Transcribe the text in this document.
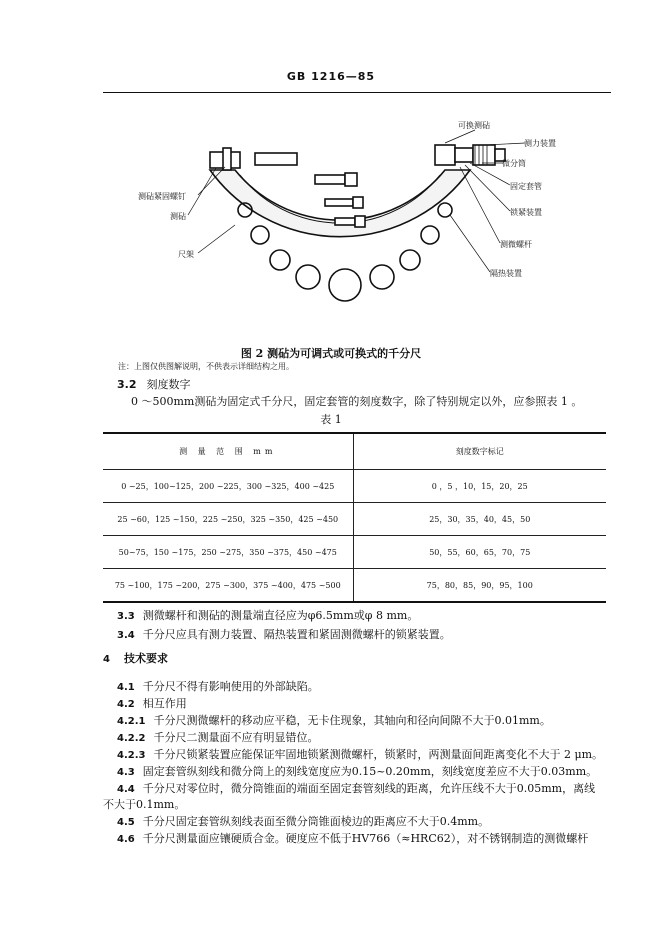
GB 1216—85
可换测砧
测力装置
微分筒
固定套管
锁紧装置
测微螺杆
隔热装置
测砧紧固螺钉
测砧
尺架
图 2 测砧为可调式或可换式的千分尺
注：上图仅供图解说明，不供表示详细结构之用。
3.2 刻度数字
0 ～500mm测砧为固定式千分尺，固定套管的刻度数字，除了特别规定以外，应参照表 1 。
表 1
测 量 范 围 mm	刻度数字标记
0 ~25，100~125，200 ~225，300 ~325，400 ~425	0 ，5 ，10，15，20，25
25 ~60，125 ~150，225 ~250，325 ~350，425 ~450	25，30，35，40，45，50
50~75，150 ~175，250 ~275，350 ~375，450 ~475	50，55，60，65，70，75
75 ~100，175 ~200，275 ~300，375 ~400，475 ~500	75，80，85，90，95，100
3.3 测微螺杆和测砧的测量端直径应为φ6.5mm或φ 8 mm。
3.4 千分尺应具有测力装置、隔热装置和紧固测微螺杆的锁紧装置。
4 技术要求
4.1 千分尺不得有影响使用的外部缺陷。
4.2 相互作用
4.2.1 千分尺测微螺杆的移动应平稳，无卡住现象，其轴向和径向间隙不大于0.01mm。
4.2.2 千分尺二测量面不应有明显错位。
4.2.3 千分尺锁紧装置应能保证牢固地锁紧测微螺杆，锁紧时，两测量面间距离变化不大于 2 μm。
4.3 固定套管纵刻线和微分筒上的刻线宽度应为0.15~0.20mm，刻线宽度差应不大于0.03mm。
4.4 千分尺对零位时，微分筒锥面的端面至固定套管刻线的距离，允许压线不大于0.05mm，离线
不大于0.1mm。
4.5 千分尺固定套管纵刻线表面至微分筒锥面棱边的距离应不大于0.4mm。
4.6 千分尺测量面应镶硬质合金。硬度应不低于HV766（≈HRC62），对不锈钢制造的测微螺杆
